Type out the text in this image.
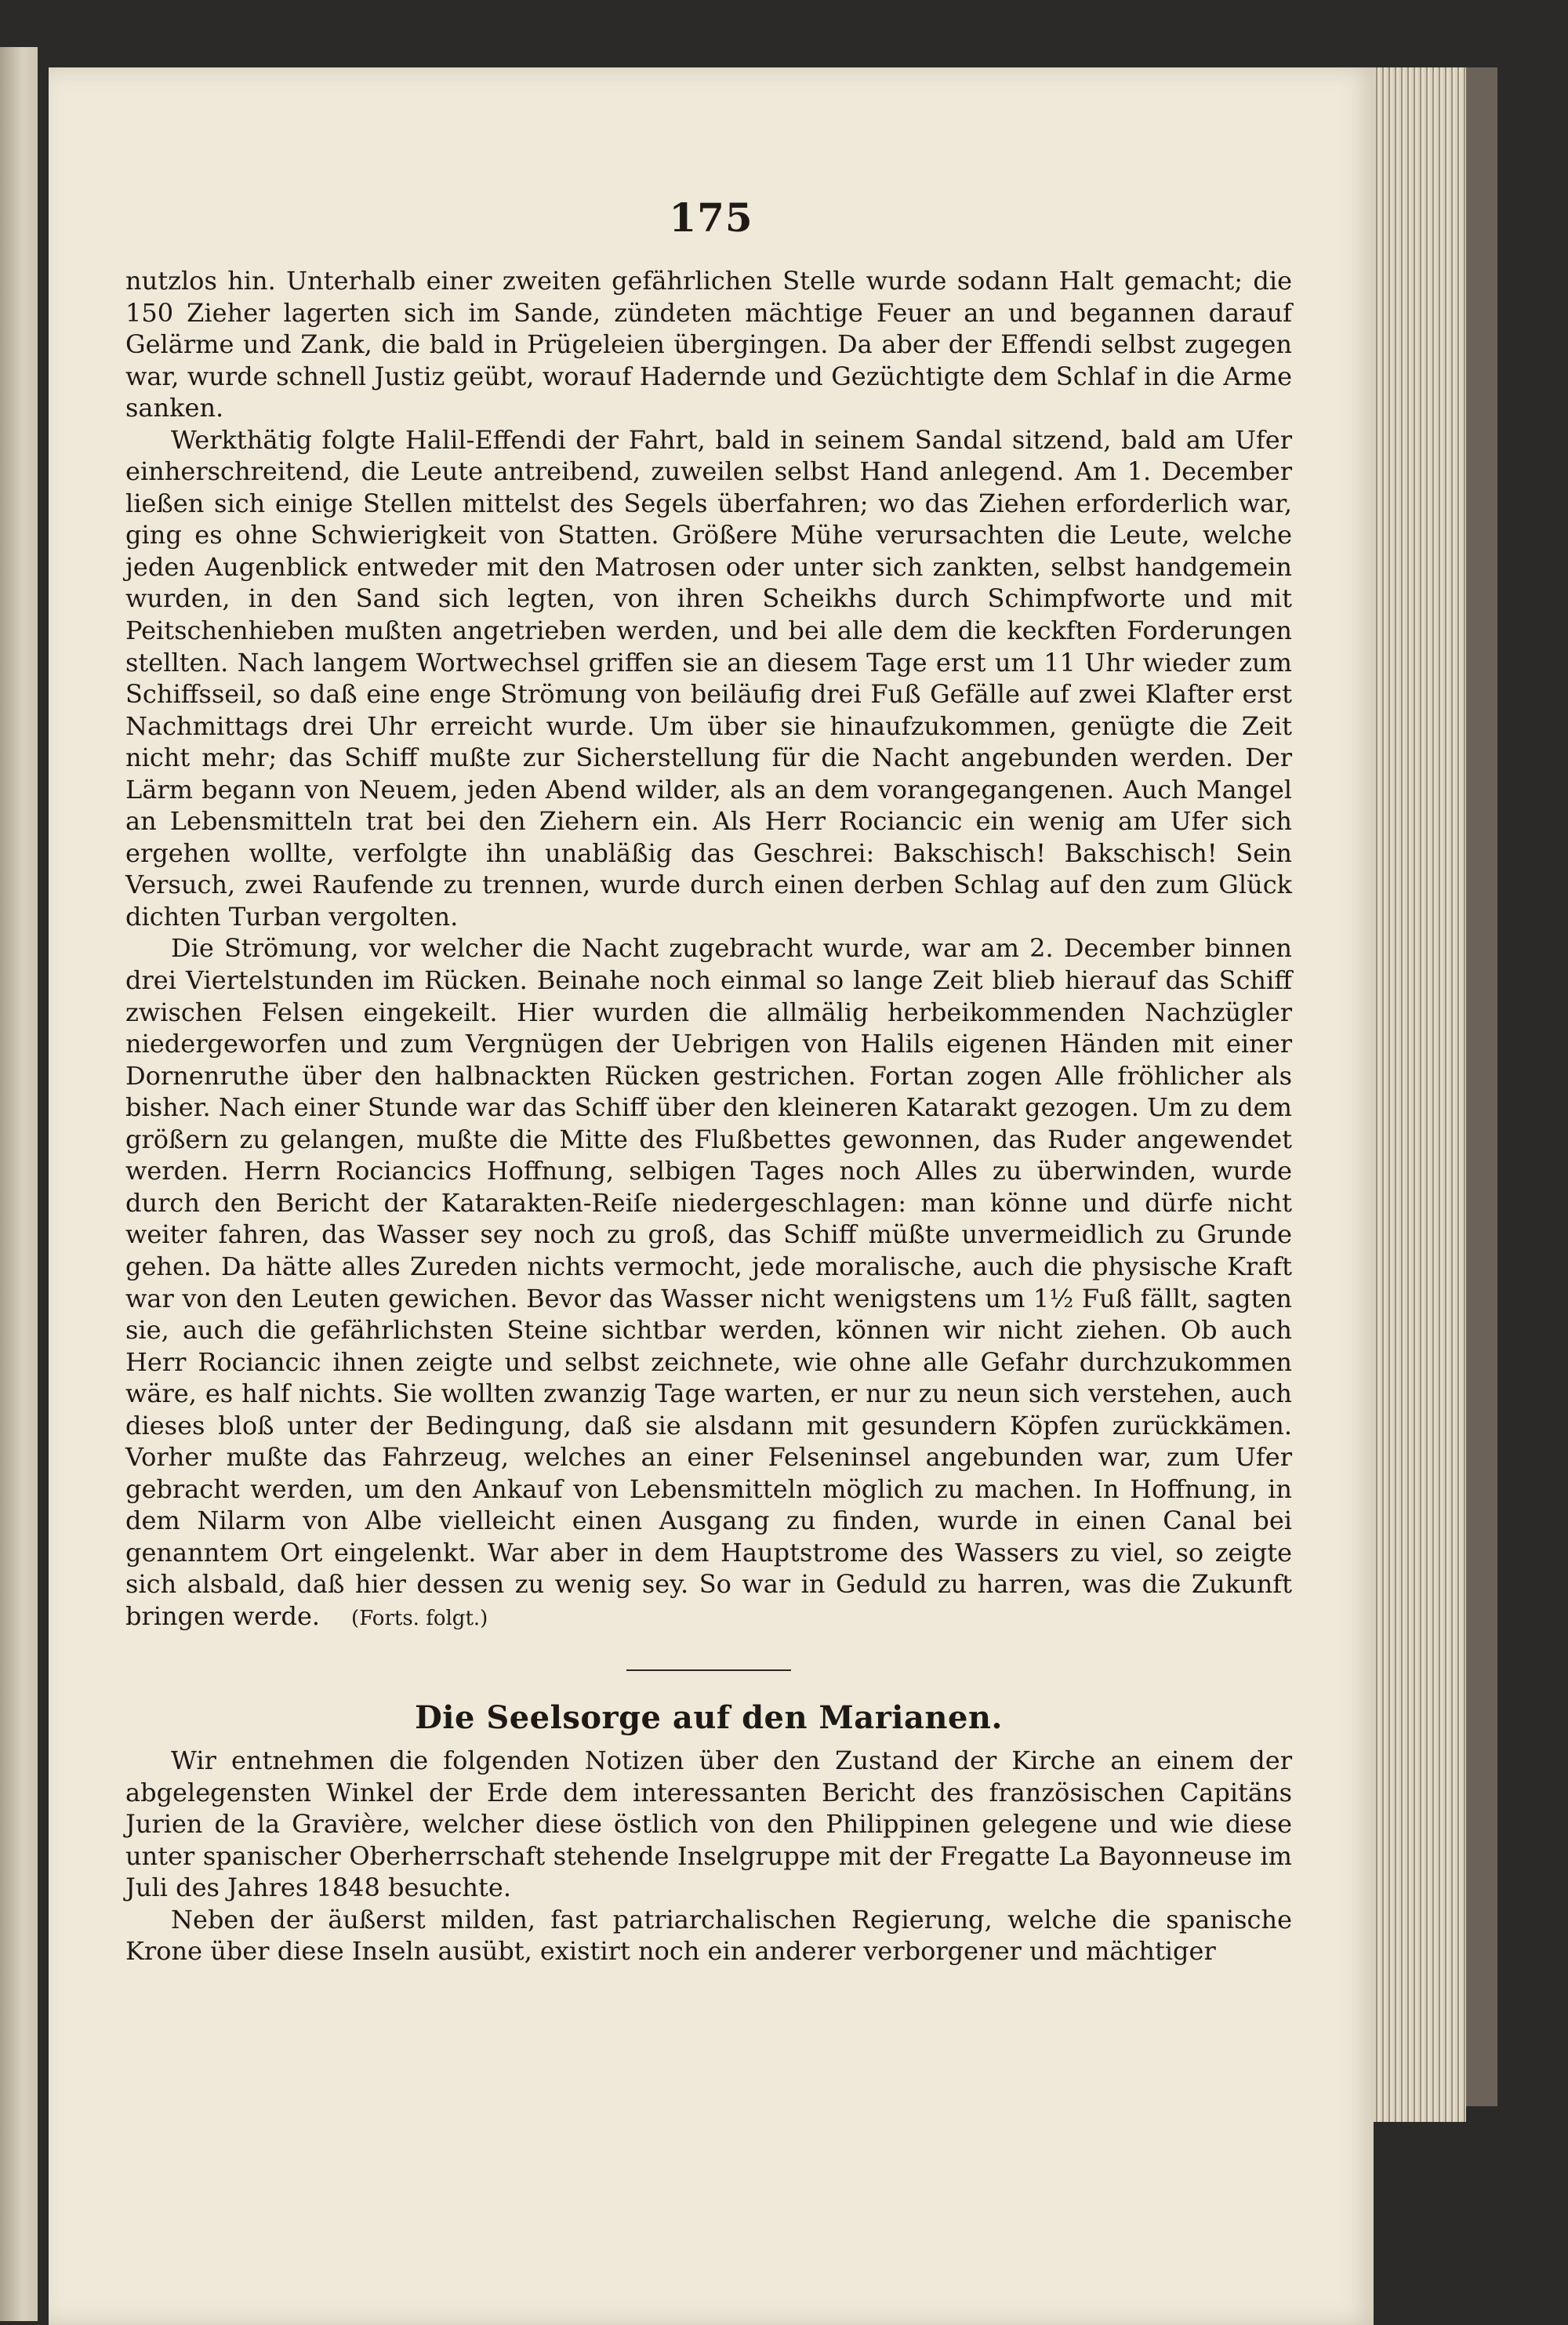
175

nutzlos hin. Unterhalb einer zweiten gefährlichen Stelle wurde sodann Halt gemacht; die 150 Zieher lagerten sich im Sande, zündeten mächtige Feuer an und begannen darauf Gelärme und Zank, die bald in Prügeleien übergingen. Da aber der Effendi selbst zugegen war, wurde schnell Justiz geübt, worauf Hadernde und Gezüchtigte dem Schlaf in die Arme sanken.

Werkthätig folgte Halil-Effendi der Fahrt, bald in seinem Sandal sitzend, bald am Ufer einherschreitend, die Leute antreibend, zuweilen selbst Hand anlegend. Am 1. December ließen sich einige Stellen mittelst des Segels überfahren; wo das Ziehen erforderlich war, ging es ohne Schwierigkeit von Statten. Größere Mühe verursachten die Leute, welche jeden Augenblick entweder mit den Matrosen oder unter sich zankten, selbst handgemein wurden, in den Sand sich legten, von ihren Scheikhs durch Schimpfworte und mit Peitschenhieben mußten angetrieben werden, und bei alle dem die keckften Forderungen stellten. Nach langem Wortwechsel griffen sie an diesem Tage erst um 11 Uhr wieder zum Schiffsseil, so daß eine enge Strömung von beiläufig drei Fuß Gefälle auf zwei Klafter erst Nachmittags drei Uhr erreicht wurde. Um über sie hinaufzukommen, genügte die Zeit nicht mehr; das Schiff mußte zur Sicherstellung für die Nacht angebunden werden. Der Lärm begann von Neuem, jeden Abend wilder, als an dem vorangegangenen. Auch Mangel an Lebensmitteln trat bei den Ziehern ein. Als Herr Rociancic ein wenig am Ufer sich ergehen wollte, verfolgte ihn unabläßig das Geschrei: Bakschisch! Bakschisch! Sein Versuch, zwei Raufende zu trennen, wurde durch einen derben Schlag auf den zum Glück dichten Turban vergolten.

Die Strömung, vor welcher die Nacht zugebracht wurde, war am 2. December binnen drei Viertelstunden im Rücken. Beinahe noch einmal so lange Zeit blieb hierauf das Schiff zwischen Felsen eingekeilt. Hier wurden die allmälig herbeikommenden Nachzügler niedergeworfen und zum Vergnügen der Uebrigen von Halils eigenen Händen mit einer Dornenruthe über den halbnackten Rücken gestrichen. Fortan zogen Alle fröhlicher als bisher. Nach einer Stunde war das Schiff über den kleineren Katarakt gezogen. Um zu dem größern zu gelangen, mußte die Mitte des Flußbettes gewonnen, das Ruder angewendet werden. Herrn Rociancics Hoffnung, selbigen Tages noch Alles zu überwinden, wurde durch den Bericht der Katarakten-Reiſe niedergeschlagen: man könne und dürfe nicht weiter fahren, das Wasser sey noch zu groß, das Schiff müßte unvermeidlich zu Grunde gehen. Da hätte alles Zureden nichts vermocht, jede moralische, auch die physische Kraft war von den Leuten gewichen. Bevor das Wasser nicht wenigstens um 1½ Fuß fällt, sagten sie, auch die gefährlichsten Steine sichtbar werden, können wir nicht ziehen. Ob auch Herr Rociancic ihnen zeigte und selbst zeichnete, wie ohne alle Gefahr durchzukommen wäre, es half nichts. Sie wollten zwanzig Tage warten, er nur zu neun sich verstehen, auch dieses bloß unter der Bedingung, daß sie alsdann mit gesundern Köpfen zurückkämen. Vorher mußte das Fahrzeug, welches an einer Felseninsel angebunden war, zum Ufer gebracht werden, um den Ankauf von Lebensmitteln möglich zu machen. In Hoffnung, in dem Nilarm von Albe vielleicht einen Ausgang zu finden, wurde in einen Canal bei genanntem Ort eingelenkt. War aber in dem Hauptstrome des Wassers zu viel, so zeigte sich alsbald, daß hier dessen zu wenig sey. So war in Geduld zu harren, was die Zukunft bringen werde. (Forts. folgt.)

Die Seelsorge auf den Marianen.

Wir entnehmen die folgenden Notizen über den Zustand der Kirche an einem der abgelegensten Winkel der Erde dem interessanten Bericht des französischen Capitäns Jurien de la Gravière, welcher diese östlich von den Philippinen gelegene und wie diese unter spanischer Oberherrschaft stehende Inselgruppe mit der Fregatte La Bayonneuse im Juli des Jahres 1848 besuchte.

Neben der äußerst milden, fast patriarchalischen Regierung, welche die spanische Krone über diese Inseln ausübt, existirt noch ein anderer verborgener und mächtiger
